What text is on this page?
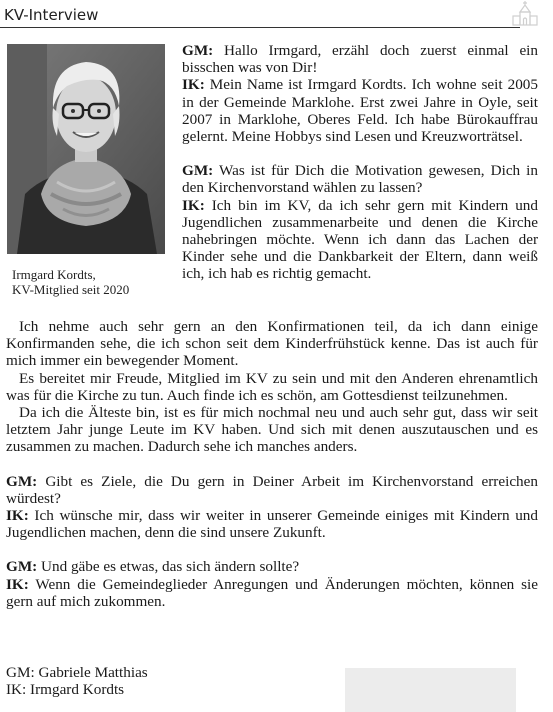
KV-Interview
Irmgard Kordts,
KV-Mitglied seit 2020

GM: Hallo Irmgard, erzähl doch zuerst einmal ein bisschen was von Dir!

IK: Mein Name ist Irmgard Kordts. Ich wohne seit 2005 in der Gemeinde Marklohe. Erst zwei Jahre in Oyle, seit 2007 in Marklohe, Oberes Feld. Ich habe Bürokauffrau gelernt. Meine Hobbys sind Lesen und Kreuzworträtsel.

GM: Was ist für Dich die Motivation gewesen, Dich in den Kirchenvorstand wählen zu lassen?

IK: Ich bin im KV, da ich sehr gern mit Kindern und Jugendlichen zusammenarbeite und denen die Kirche nahebringen möchte. Wenn ich dann das Lachen der Kinder sehe und die Dankbarkeit der Eltern, dann weiß ich, ich hab es richtig gemacht.

Ich nehme auch sehr gern an den Konfirmationen teil, da ich dann einige Konfirmanden sehe, die ich schon seit dem Kinderfrühstück kenne. Das ist auch für mich immer ein bewegender Moment.

Es bereitet mir Freude, Mitglied im KV zu sein und mit den Anderen ehrenamtlich was für die Kirche zu tun. Auch finde ich es schön, am Gottesdienst teilzunehmen.

Da ich die Älteste bin, ist es für mich nochmal neu und auch sehr gut, dass wir seit letztem Jahr junge Leute im KV haben. Und sich mit denen auszutauschen und es zusammen zu machen. Dadurch sehe ich manches anders.

GM: Gibt es Ziele, die Du gern in Deiner Arbeit im Kirchenvorstand erreichen würdest?

IK: Ich wünsche mir, dass wir weiter in unserer Gemeinde einiges mit Kindern und Jugendlichen machen, denn die sind unsere Zukunft.

GM: Und gäbe es etwas, das sich ändern sollte?

IK: Wenn die Gemeindeglieder Anregungen und Änderungen möchten, können sie gern auf mich zukommen.

GM: Gabriele Matthias
IK: Irmgard Kordts
